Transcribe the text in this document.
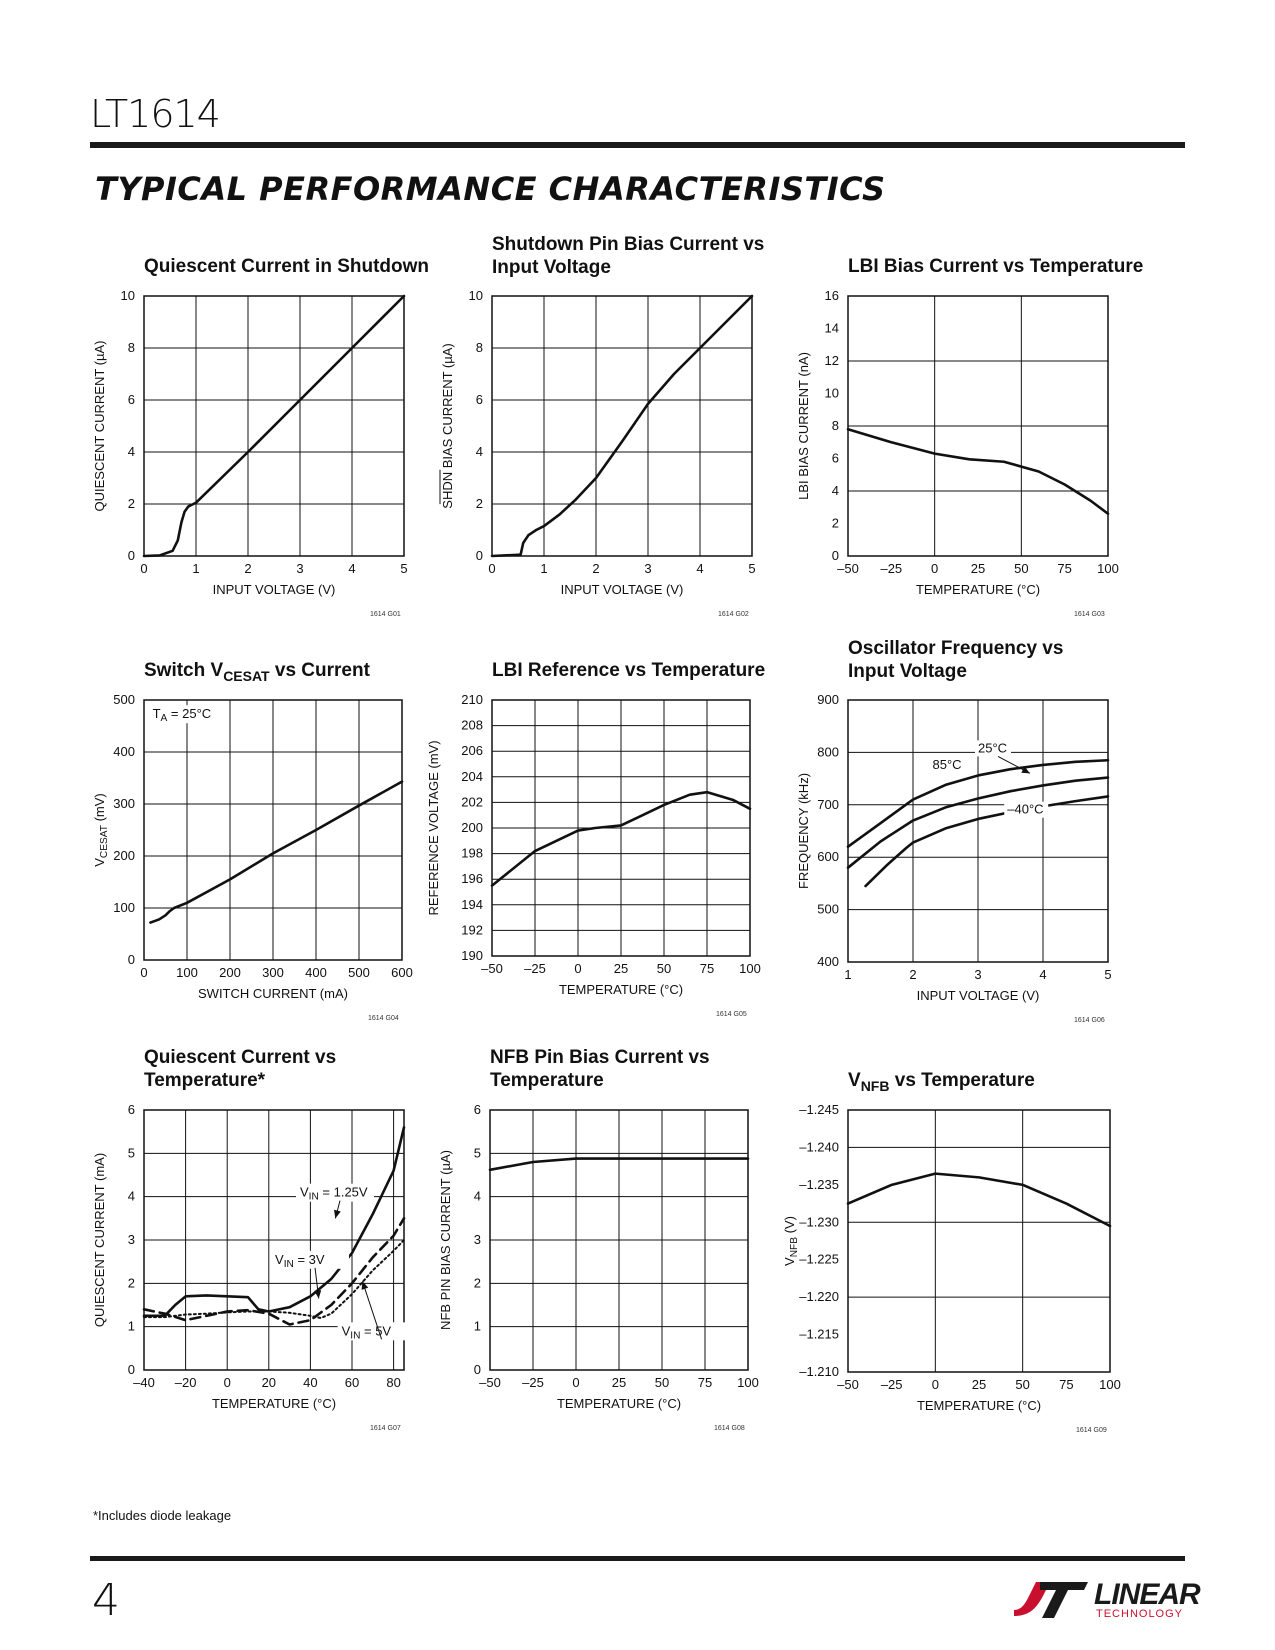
LT1614
TYPICAL PERFORMANCE CHARACTERISTICS
Quiescent Current in Shutdown
0	1	2	3	4	5
0
2
4
6
8
10
INPUT VOLTAGE (V)
QUIESCENT CURRENT (µA)
1614 G01
Shutdown Pin Bias Current vs
Input Voltage
0	1	2	3	4	5
0
2
4
6
8
10
INPUT VOLTAGE (V)
SHDN BIAS CURRENT (µA)
1614 G02
LBI Bias Current vs Temperature
–50 –25 0 25 50 75 100
0
2
4
6
8
10
12
14
16
TEMPERATURE (°C)
LBI BIAS CURRENT (nA)
1614 G03
Switch $V_{CESAT}$ vs Current
0 100 200 300 400 500 600
0
100
200
300
400
500
SWITCH CURRENT (mA)
$V_{CESAT}$ (mV)
$T_A = 25^\circ C$
1614 G04
LBI Reference vs Temperature
–50 –25 0 25 50 75 100
190
192
194
196
198
200
202
204
206
208
210
TEMPERATURE (°C)
REFERENCE VOLTAGE (mV)
1614 G05
Oscillator Frequency vs
Input Voltage
1	2	3	4	5
400
500
600
700
800
900
INPUT VOLTAGE (V)
FREQUENCY (kHz)
25°C
85°C
–40°C
1614 G06
Quiescent Current vs
Temperature*
–40 –20 0 20 40 60 80
0
1
2
3
4
5
6
TEMPERATURE (°C)
QUIESCENT CURRENT (mA)	$V_{IN} = 1.25V$
$V_{IN} = 3V$
$V_{IN} = 5V$
1614 G07
NFB Pin Bias Current vs
Temperature
–50 –25 0 25 50 75 100
0
1
2
3
4
5
6
TEMPERATURE (°C)
NFB PIN BIAS CURRENT (µA)
1614 G08
$V_{NFB}$ vs Temperature
–50 –25 0	25 50 75 100
–1.210
–1.215
–1.220
–1.225
–1.230
–1.235
–1.240
–1.245
TEMPERATURE (°C)
$V_{NFB}$ (V)
1614 G09
*Includes diode leakage
4	LINEAR
TECHNOLOGY
